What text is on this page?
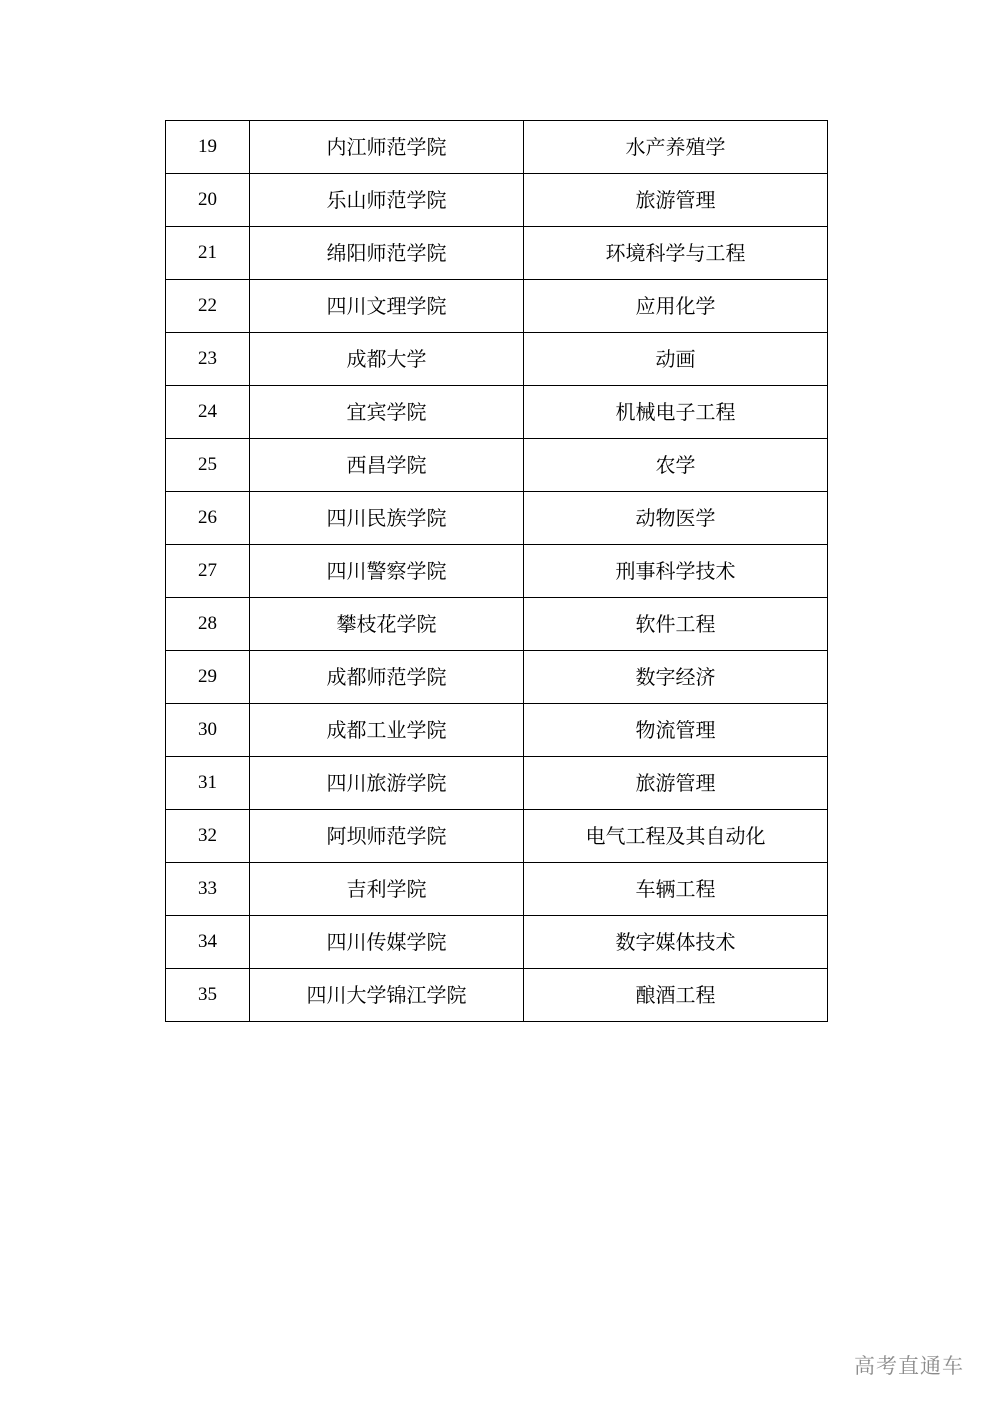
19	内江师范学院	水产养殖学
20	乐山师范学院	旅游管理
21	绵阳师范学院	环境科学与工程
22	四川文理学院	应用化学
23	成都大学	动画
24	宜宾学院	机械电子工程
25	西昌学院	农学
26	四川民族学院	动物医学
27	四川警察学院	刑事科学技术
28	攀枝花学院	软件工程
29	成都师范学院	数字经济
30	成都工业学院	物流管理
31	四川旅游学院	旅游管理
32	阿坝师范学院	电气工程及其自动化
33	吉利学院	车辆工程
34	四川传媒学院	数字媒体技术
35	四川大学锦江学院	酿酒工程
高考直通车
